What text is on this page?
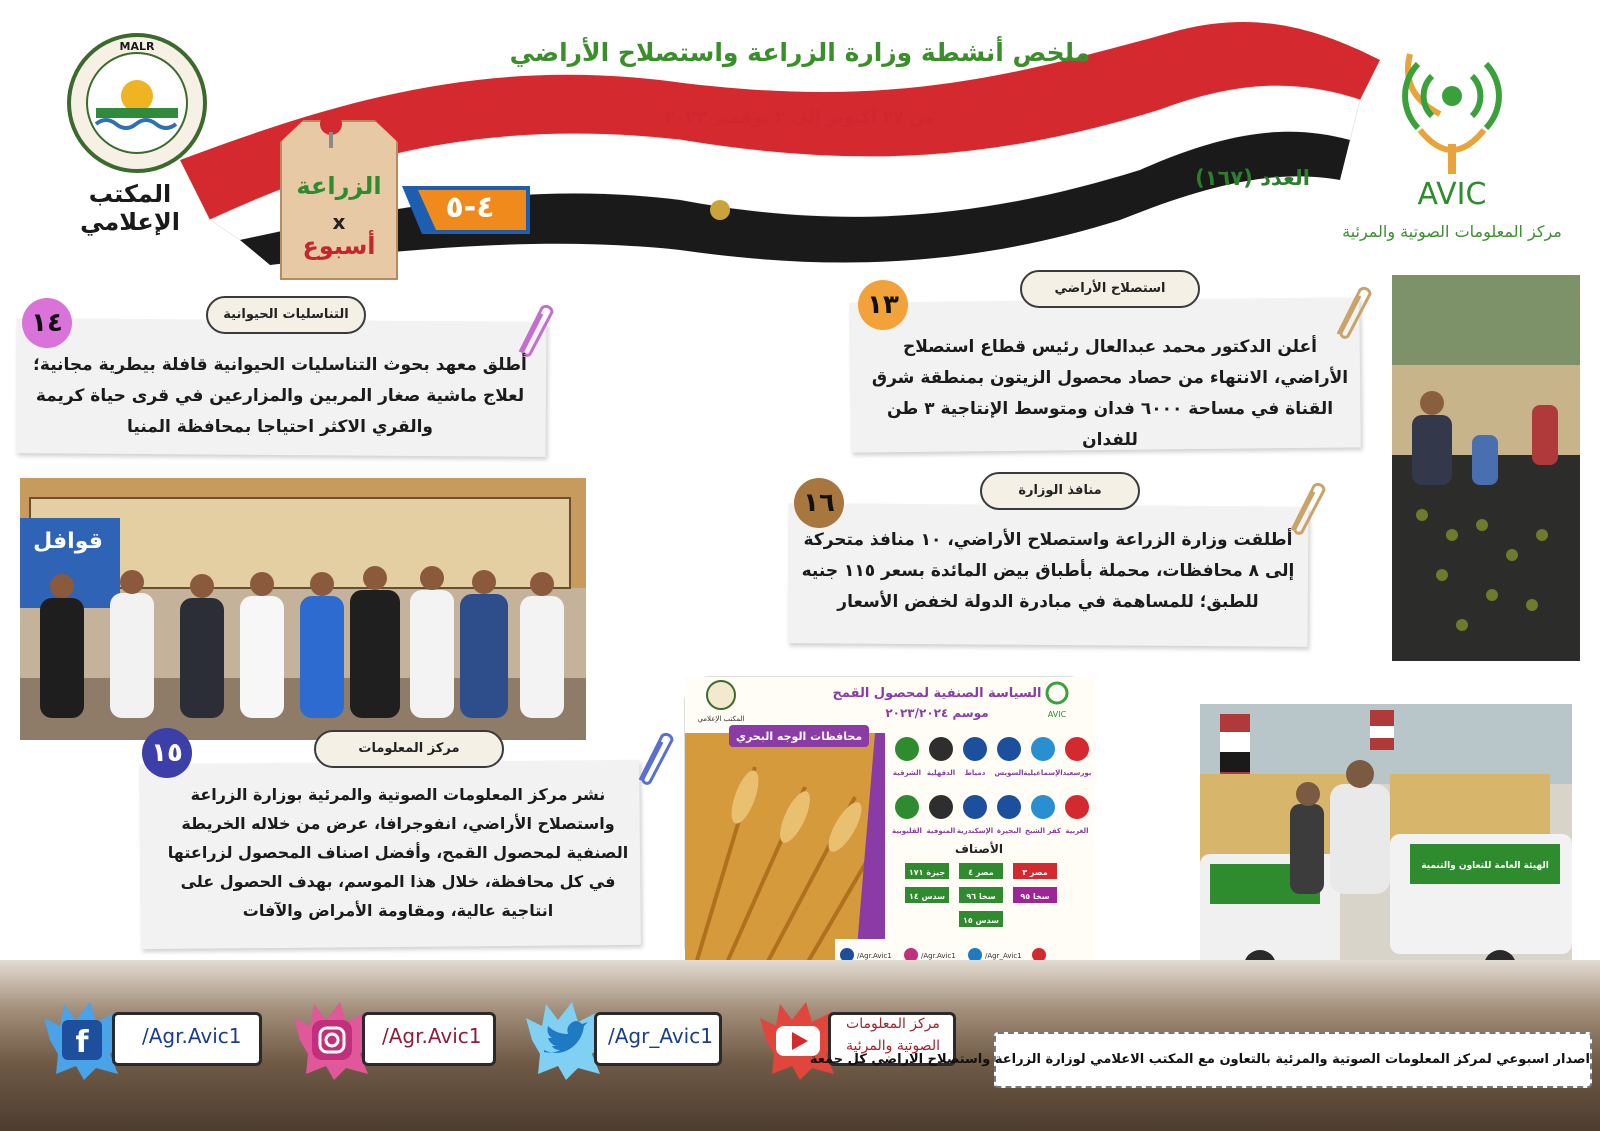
ملخص أنشطة وزارة الزراعة واستصلاح الأراضي
من ٢٧ أكتوبر إلى ٢ نوفمبر ٢٠٢٣
العدد (١٦٧)
MALR
المكتب الإعلامي
AVIC
مركز المعلومات الصوتية والمرئية
الزراعة
x
أسبوع
٤-٥
استصلاح الأراضي
١٣
أعلن الدكتور محمد عبدالعال رئيس قطاع استصلاح الأراضي، الانتهاء من حصاد محصول الزيتون بمنطقة شرق القناة في مساحة ٦٠٠٠ فدان ومتوسط الإنتاجية ٣ طن للفدان
منافذ الوزارة
١٦
أطلقت وزارة الزراعة واستصلاح الأراضي، ١٠ منافذ متحركة إلى ٨ محافظات، محملة بأطباق بيض المائدة بسعر ١١٥ جنيه للطبق؛ للمساهمة في مبادرة الدولة لخفض الأسعار
التناسليات الحيوانية
١٤
أطلق معهد بحوث التناسليات الحيوانية قافلة بيطرية مجانية؛ لعلاج ماشية صغار المربين والمزارعين في قرى حياة كريمة والقري الاكثر احتياجا بمحافظة المنيا
قوافل
مركز المعلومات
١٥
نشر مركز المعلومات الصوتية والمرئية بوزارة الزراعة واستصلاح الأراضي، انفوجرافا، عرض من خلاله الخريطة الصنفية لمحصول القمح، وأفضل اصناف المحصول لزراعتها في كل محافظة، خلال هذا الموسم، بهدف الحصول على انتاجية عالية، ومقاومة الأمراض والآفات
محافظات الوجه البحري
السياسة الصنفية لمحصول القمح
موسم ٢٠٢٣/٢٠٢٤
المكتب الإعلامي	AVIC
بورسعيد
الإسماعيلية
السويس
دمياط
الدقهلية
الشرقية
الغربية
كفر الشيخ
البحيرة
الإسكندرية
المنوفية
القليوبية
الأصناف
مصر ٣
مصر ٤
جيزة ١٧١
سخا ٩٥
سخا ٩٦
سدس ١٤
سدس ١٥
/Agr.Avic1	/Agr.Avic1	/Agr_Avic1
الهيئة العامة للتعاون والتنمية
f	/Agr.Avic1	/Agr.Avic1	/Agr_Avic1	مركز المعلومات
اصدار اسبوعي لمركز المعلومات الصوتية والمرئية بالتعاون مع المكتب الاعلامي لوزارة الزراعة واستصلاح الاراضي كل جمعة
